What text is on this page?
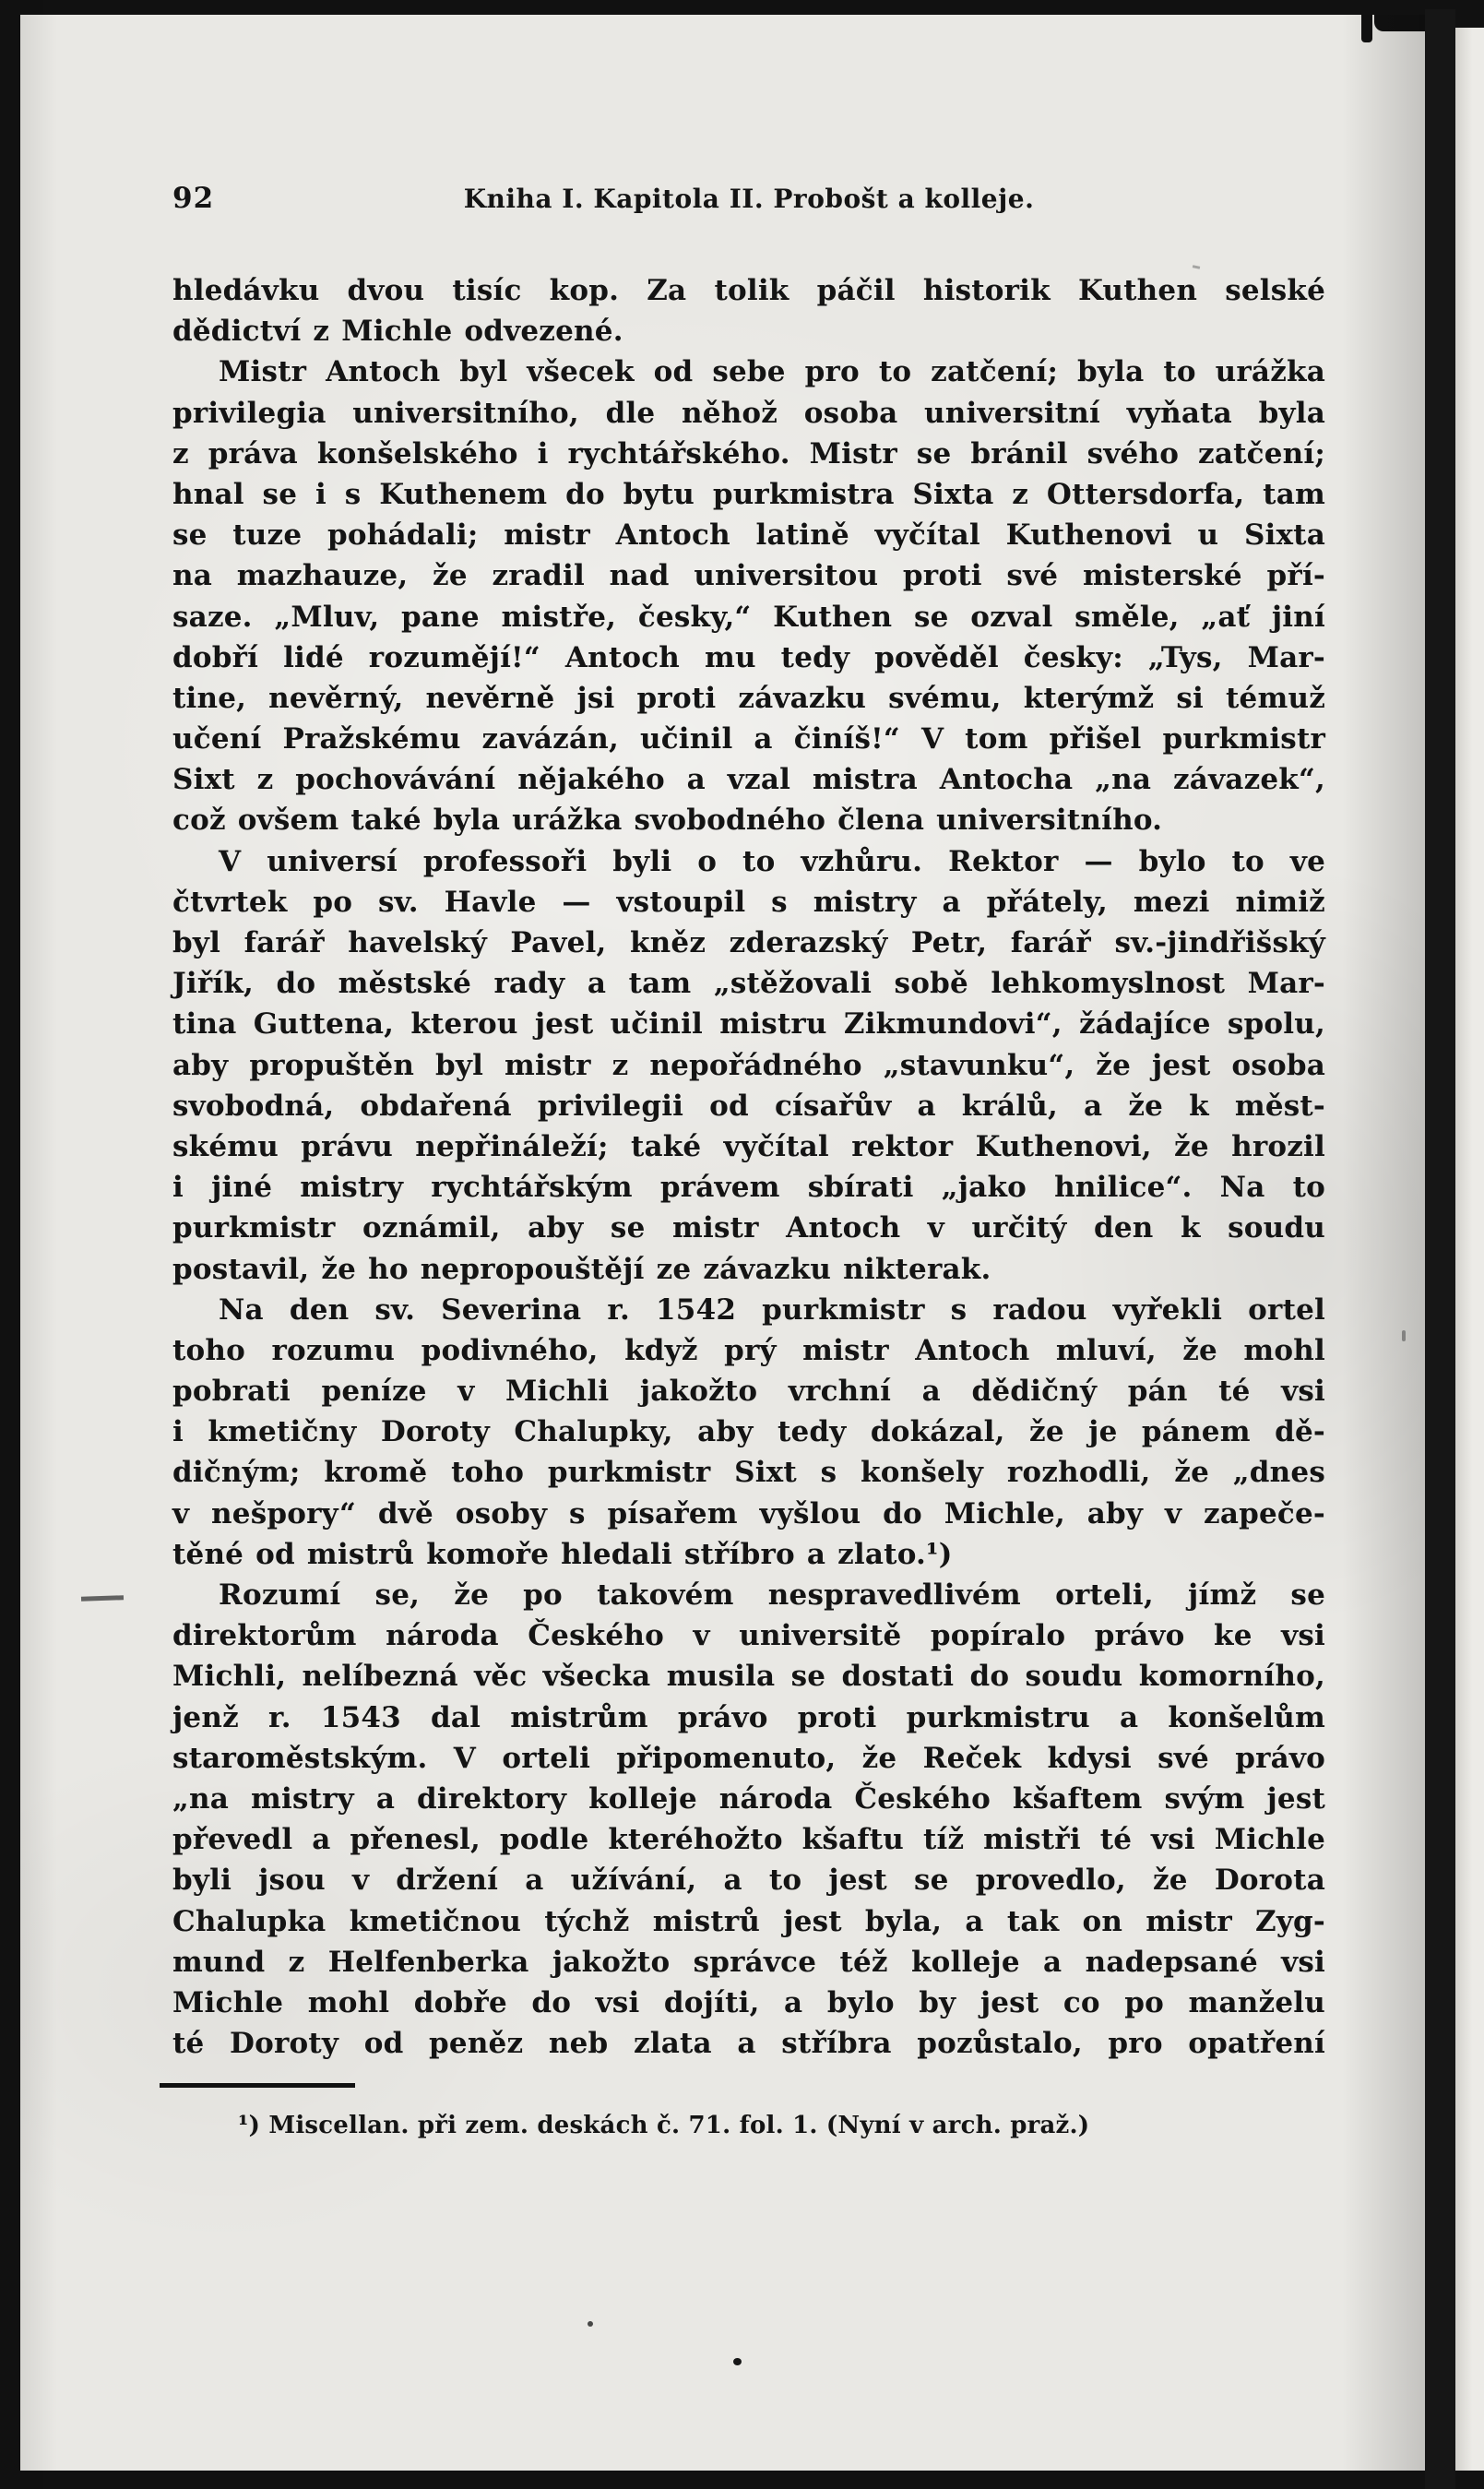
92	Kniha I. Kapitola II. Probošt a kolleje.
hledávku dvou tisíc kop. Za tolik páčil historik Kuthen selské
dědictví z Michle odvezené.
Mistr Antoch byl všecek od sebe pro to zatčení; byla to urážka
privilegia universitního, dle něhož osoba universitní vyňata byla
z práva konšelského i rychtářského. Mistr se bránil svého zatčení;
hnal se i s Kuthenem do bytu purkmistra Sixta z Ottersdorfa, tam
se tuze pohádali; mistr Antoch latině vyčítal Kuthenovi u Sixta
na mazhauze, že zradil nad universitou proti své misterské pří-
saze. „Mluv, pane mistře, česky,“ Kuthen se ozval směle, „ať jiní
dobří lidé rozumějí!“ Antoch mu tedy pověděl česky: „Tys, Mar-
tine, nevěrný, nevěrně jsi proti závazku svému, kterýmž si témuž
učení Pražskému zavázán, učinil a činíš!“ V tom přišel purkmistr
Sixt z pochovávání nějakého a vzal mistra Antocha „na závazek“,
což ovšem také byla urážka svobodného člena universitního.
V universí professoři byli o to vzhůru. Rektor — bylo to ve
čtvrtek po sv. Havle — vstoupil s mistry a přátely, mezi nimiž
byl farář havelský Pavel, kněz zderazský Petr, farář sv.-jindřišský
Jiřík, do městské rady a tam „stěžovali sobě lehkomyslnost Mar-
tina Guttena, kterou jest učinil mistru Zikmundovi“, žádajíce spolu,
aby propuštěn byl mistr z nepořádného „stavunku“, že jest osoba
svobodná, obdařená privilegii od císařův a králů, a že k měst-
skému právu nepřináleží; také vyčítal rektor Kuthenovi, že hrozil
i jiné mistry rychtářským právem sbírati „jako hnilice“. Na to
purkmistr oznámil, aby se mistr Antoch v určitý den k soudu
postavil, že ho nepropouštějí ze závazku nikterak.
Na den sv. Severina r. 1542 purkmistr s radou vyřekli ortel
toho rozumu podivného, když prý mistr Antoch mluví, že mohl
pobrati peníze v Michli jakožto vrchní a dědičný pán té vsi
i kmetičny Doroty Chalupky, aby tedy dokázal, že je pánem dě-
dičným; kromě toho purkmistr Sixt s konšely rozhodli, že „dnes
v nešpory“ dvě osoby s písařem vyšlou do Michle, aby v zapeče-
těné od mistrů komoře hledali stříbro a zlato.¹)
Rozumí se, že po takovém nespravedlivém orteli, jímž se
direktorům národa Českého v universitě popíralo právo ke vsi
Michli, nelíbezná věc všecka musila se dostati do soudu komorního,
jenž r. 1543 dal mistrům právo proti purkmistru a konšelům
staroměstským. V orteli připomenuto, že Reček kdysi své právo
„na mistry a direktory kolleje národa Českého kšaftem svým jest
převedl a přenesl, podle kteréhožto kšaftu tíž mistři té vsi Michle
byli jsou v držení a užívání, a to jest se provedlo, že Dorota
Chalupka kmetičnou týchž mistrů jest byla, a tak on mistr Zyg-
mund z Helfenberka jakožto správce též kolleje a nadepsané vsi
Michle mohl dobře do vsi dojíti, a bylo by jest co po manželu
té Doroty od peněz neb zlata a stříbra pozůstalo, pro opatření
¹) Miscellan. při zem. deskách č. 71. fol. 1. (Nyní v arch. praž.)
